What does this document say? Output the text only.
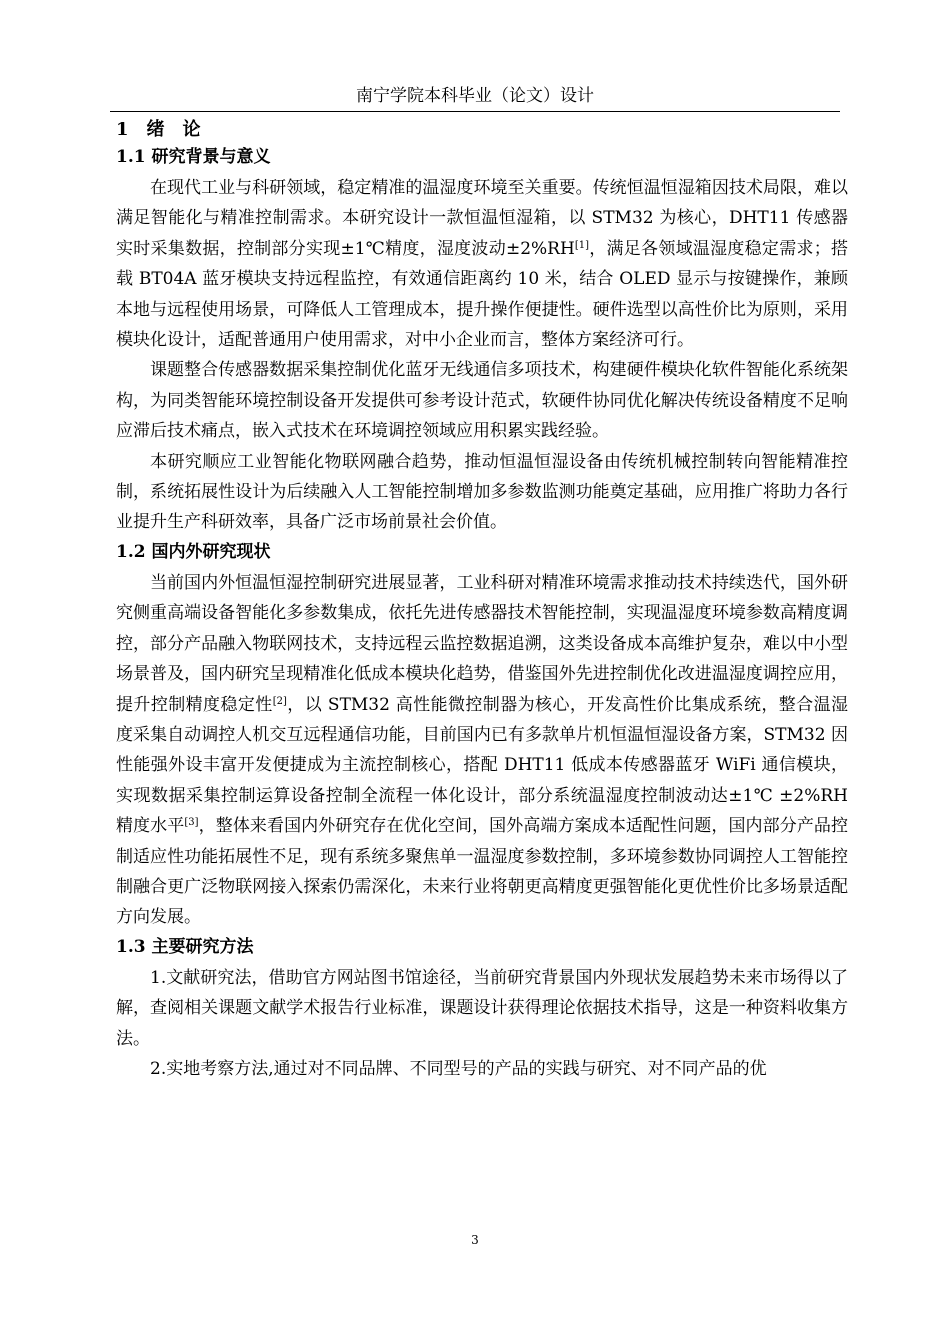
南宁学院本科毕业（论文）设计
1　绪　论
1.1 研究背景与意义

在现代工业与科研领域，稳定精准的温湿度环境至关重要。传统恒温恒湿箱因技术局限，难以满足智能化与精准控制需求。本研究设计一款恒温恒湿箱，以 STM32 为核心，DHT11 传感器实时采集数据，控制部分实现±1℃精度，湿度波动±2%RH[1]，满足各领域温湿度稳定需求；搭载 BT04A 蓝牙模块支持远程监控，有效通信距离约 10 米，结合 OLED 显示与按键操作，兼顾本地与远程使用场景，可降低人工管理成本，提升操作便捷性。硬件选型以高性价比为原则，采用模块化设计，适配普通用户使用需求，对中小企业而言，整体方案经济可行。

课题整合传感器数据采集控制优化蓝牙无线通信多项技术，构建硬件模块化软件智能化系统架构，为同类智能环境控制设备开发提供可参考设计范式，软硬件协同优化解决传统设备精度不足响应滞后技术痛点，嵌入式技术在环境调控领域应用积累实践经验。

本研究顺应工业智能化物联网融合趋势，推动恒温恒湿设备由传统机械控制转向智能精准控制，系统拓展性设计为后续融入人工智能控制增加多参数监测功能奠定基础，应用推广将助力各行业提升生产科研效率，具备广泛市场前景社会价值。

1.2 国内外研究现状

当前国内外恒温恒湿控制研究进展显著，工业科研对精准环境需求推动技术持续迭代，国外研究侧重高端设备智能化多参数集成，依托先进传感器技术智能控制，实现温湿度环境参数高精度调控，部分产品融入物联网技术，支持远程云监控数据追溯，这类设备成本高维护复杂，难以中小型场景普及，国内研究呈现精准化低成本模块化趋势，借鉴国外先进控制优化改进温湿度调控应用，提升控制精度稳定性[2]，以 STM32 高性能微控制器为核心，开发高性价比集成系统，整合温湿度采集自动调控人机交互远程通信功能，目前国内已有多款单片机恒温恒湿设备方案，STM32 因性能强外设丰富开发便捷成为主流控制核心，搭配 DHT11 低成本传感器蓝牙 WiFi 通信模块，实现数据采集控制运算设备控制全流程一体化设计，部分系统温湿度控制波动达±1℃ ±2%RH 精度水平[3]，整体来看国内外研究存在优化空间，国外高端方案成本适配性问题，国内部分产品控制适应性功能拓展性不足，现有系统多聚焦单一温湿度参数控制，多环境参数协同调控人工智能控制融合更广泛物联网接入探索仍需深化，未来行业将朝更高精度更强智能化更优性价比多场景适配方向发展。

1.3 主要研究方法

1.文献研究法，借助官方网站图书馆途径，当前研究背景国内外现状发展趋势未来市场得以了解，查阅相关课题文献学术报告行业标准，课题设计获得理论依据技术指导，这是一种资料收集方法。

2.实地考察方法,通过对不同品牌、不同型号的产品的实践与研究、对不同产品的优

3
